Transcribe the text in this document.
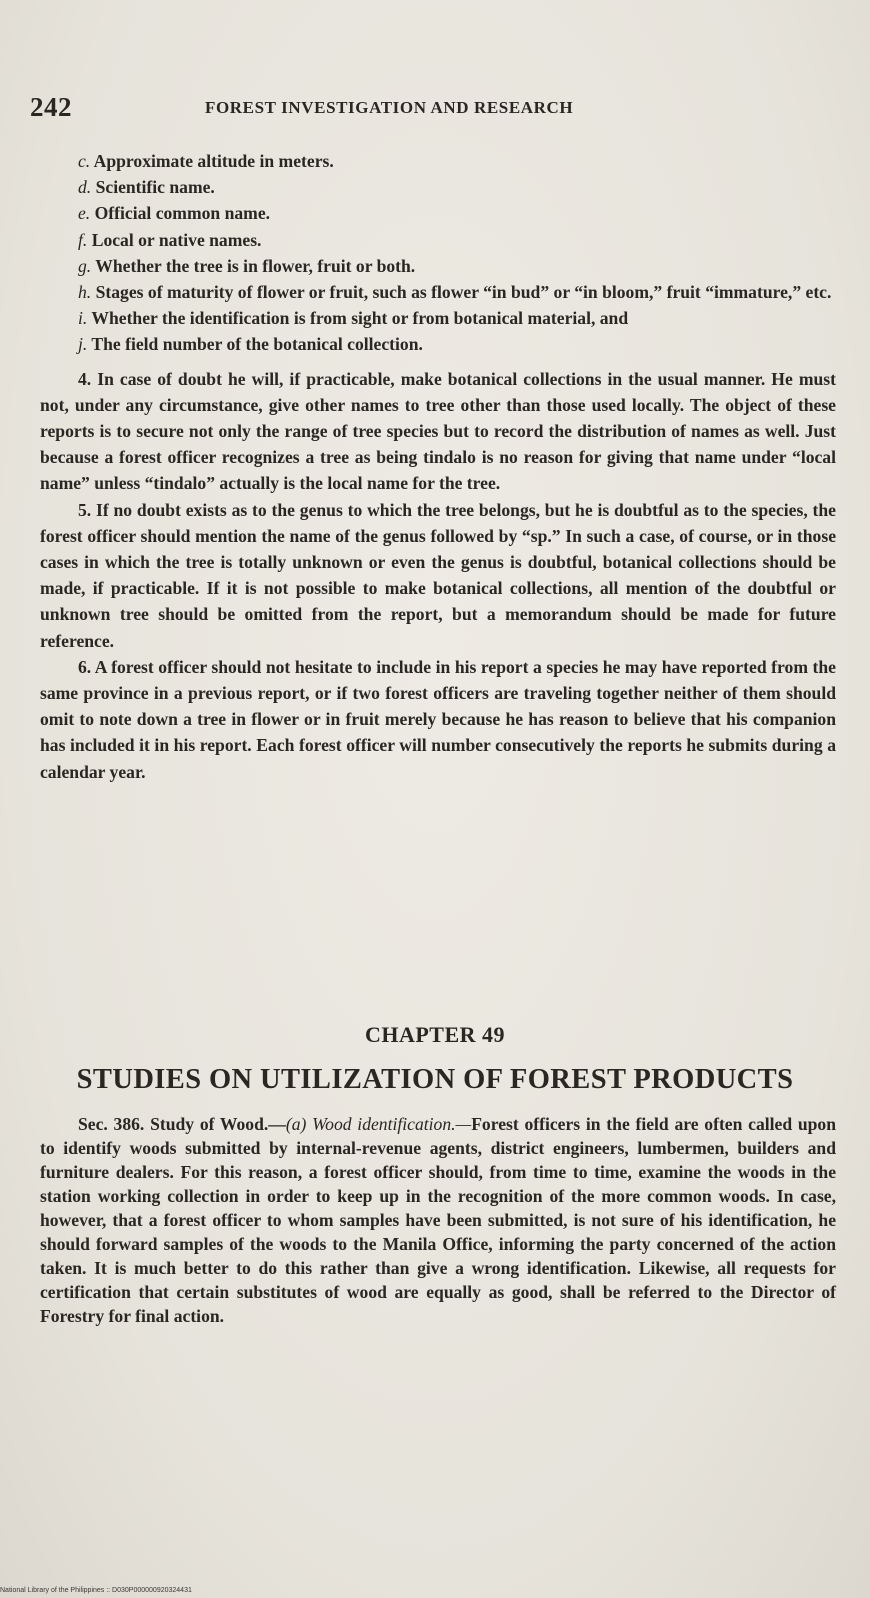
242	FOREST INVESTIGATION AND RESEARCH
c. Approximate altitude in meters.
d. Scientific name.
e. Official common name.
f. Local or native names.
g. Whether the tree is in flower, fruit or both.
h. Stages of maturity of flower or fruit, such as flower “in bud” or “in bloom,” fruit “immature,” etc.
i. Whether the identification is from sight or from botanical material, and
j. The field number of the botanical collection.

4. In case of doubt he will, if practicable, make botanical collections in the usual manner. He must not, under any circumstance, give other names to tree other than those used locally. The object of these reports is to secure not only the range of tree species but to record the distribution of names as well. Just because a forest officer recognizes a tree as being tindalo is no reason for giving that name under “local name” unless “tindalo” actually is the local name for the tree.

5. If no doubt exists as to the genus to which the tree belongs, but he is doubtful as to the species, the forest officer should mention the name of the genus followed by “sp.” In such a case, of course, or in those cases in which the tree is totally unknown or even the genus is doubtful, botanical collections should be made, if practicable. If it is not possible to make botanical collections, all mention of the doubtful or unknown tree should be omitted from the report, but a memorandum should be made for future reference.

6. A forest officer should not hesitate to include in his report a species he may have reported from the same province in a previous report, or if two forest officers are traveling together neither of them should omit to note down a tree in flower or in fruit merely because he has reason to believe that his companion has included it in his report. Each forest officer will number consecutively the reports he submits during a calendar year.

CHAPTER 49
STUDIES ON UTILIZATION OF FOREST PRODUCTS
Sec. 386. Study of Wood.—(a) Wood identification.—Forest officers in the field are often called upon to identify woods submitted by internal-revenue agents, district engineers, lumbermen, builders and furniture dealers. For this reason, a forest officer should, from time to time, examine the woods in the station working collection in order to keep up in the recognition of the more common woods. In case, however, that a forest officer to whom samples have been submitted, is not sure of his identification, he should forward samples of the woods to the Manila Office, informing the party concerned of the action taken. It is much better to do this rather than give a wrong identification. Likewise, all requests for certification that certain substitutes of wood are equally as good, shall be referred to the Director of Forestry for final action.
National Library of the Philippines :: D030P000000920324431
